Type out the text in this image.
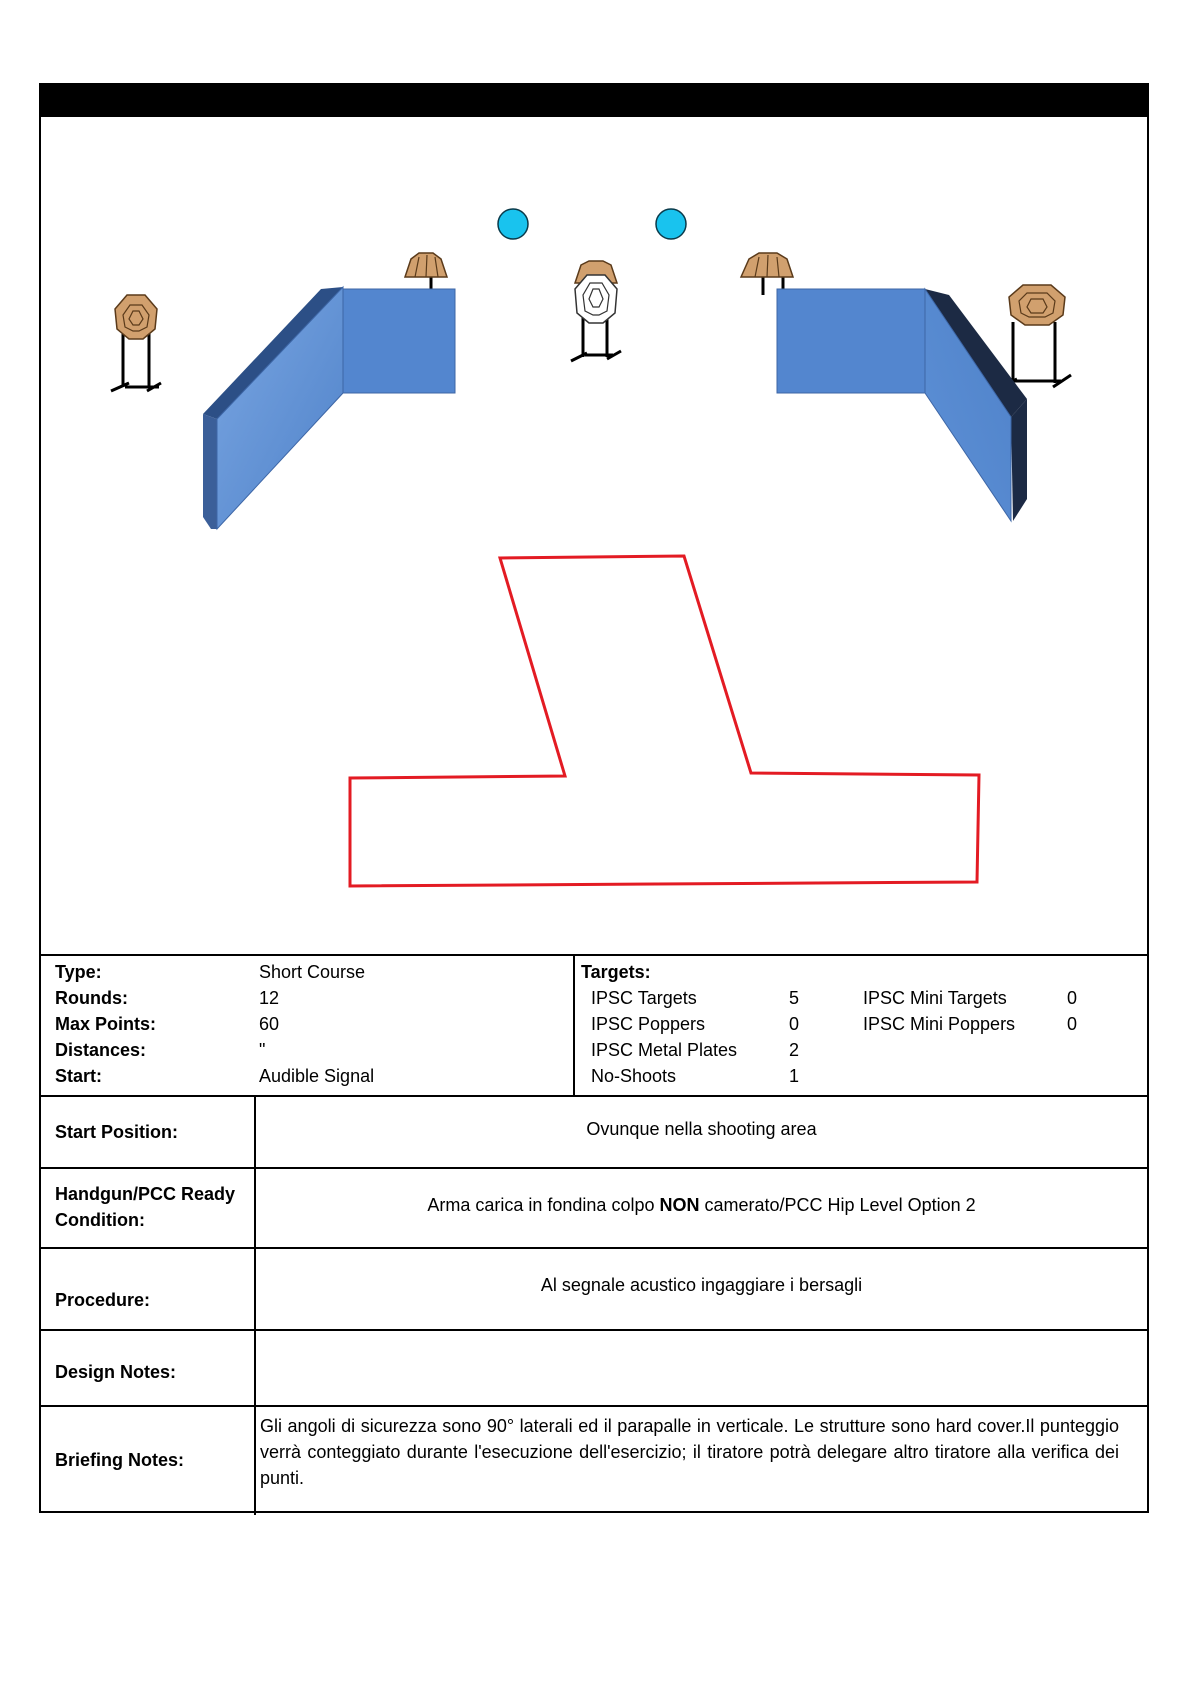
Type:	Short Course
Rounds:	12
Max Points:	60
Distances:	"
Start:	Audible Signal
Targets:
IPSC Targets	5
IPSC Poppers	0
IPSC Metal Plates	2
No-Shoots	1
IPSC Mini Targets	0
IPSC Mini Poppers	0
Start Position:	Ovunque nella shooting area
Handgun/PCC Ready
Condition:
Arma carica in fondina colpo NON camerato/PCC Hip Level Option 2
Procedure:
Al segnale acustico ingaggiare i bersagli
Design Notes:
Briefing Notes:
Gli angoli di sicurezza sono 90° laterali ed il parapalle in verticale. Le strutture sono hard cover.Il punteggio verrà conteggiato durante l'esecuzione dell'esercizio; il tiratore potrà delegare altro tiratore alla verifica dei punti.
